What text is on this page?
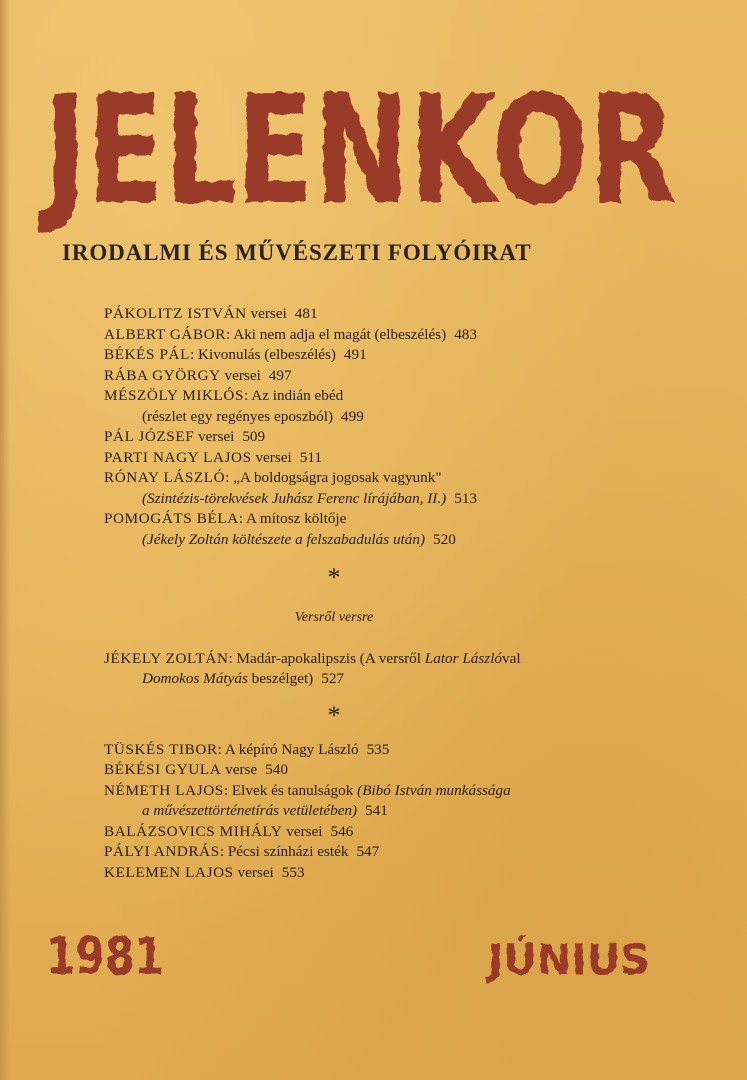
JELENKOR
IRODALMI ÉS MŰVÉSZETI FOLYÓIRAT
PÁKOLITZ ISTVÁN versei 481
ALBERT GÁBOR: Aki nem adja el magát (elbeszélés) 483
BÉKÉS PÁL: Kivonulás (elbeszélés) 491
RÁBA GYÖRGY versei 497
MÉSZÖLY MIKLÓS: Az indián ebéd
(részlet egy regényes eposzból) 499
PÁL JÓZSEF versei 509
PARTI NAGY LAJOS versei 511
RÓNAY LÁSZLÓ: „A boldogságra jogosak vagyunk"
(Szintézis-törekvések Juhász Ferenc lírájában, II.) 513
POMOGÁTS BÉLA: A mítosz költője
(Jékely Zoltán költészete a felszabadulás után) 520
*
Versről versre
JÉKELY ZOLTÁN: Madár-apokalipszis (A versről Lator Lászlóval
Domokos Mátyás beszélget) 527
*
TÜSKÉS TIBOR: A képíró Nagy László 535
BÉKÉSI GYULA verse 540
NÉMETH LAJOS: Elvek és tanulságok (Bibó István munkássága
a művészettörténetírás vetületében) 541
BALÁZSOVICS MIHÁLY versei 546
PÁLYI ANDRÁS: Pécsi színházi esték 547
KELEMEN LAJOS versei 553
1981	JÚNIUS
